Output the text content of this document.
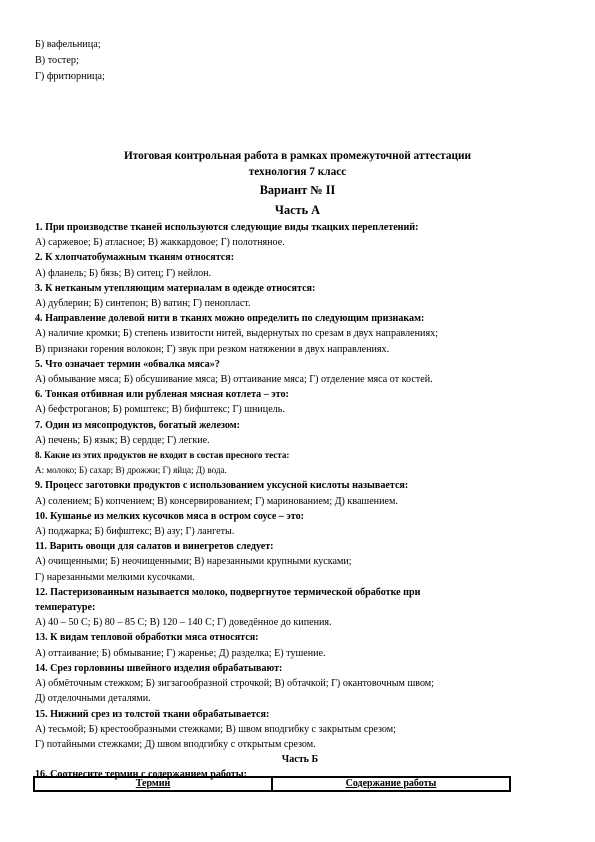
Б) вафельница;
В) тостер;
Г) фритюрница;
Итоговая контрольная работа в рамках промежуточной аттестации
технология 7 класс
Вариант № II
Часть А
1. При производстве тканей используются следующие виды ткацких переплетений:
А) саржевое; Б) атласное; В) жаккардовое; Г) полотняное.
2. К хлопчатобумажным тканям относятся:
А) фланель; Б) бязь; В) ситец; Г) нейлон.
3. К нетканым утепляющим материалам в одежде относятся:
А) дублерин; Б) синтепон; В) ватин; Г) пенопласт.
4. Направление долевой нити в тканях можно определить по следующим признакам:
А) наличие кромки; Б) степень извитости нитей, выдернутых по срезам в двух направлениях;
В) признаки горения волокон; Г) звук при резком натяжении в двух направлениях.
5. Что означает термин «обвалка мяса»?
А) обмывание мяса; Б) обсушивание мяса; В) оттаивание мяса; Г) отделение мяса от костей.
6. Тонкая отбивная или рубленая мясная котлета – это:
А) бефстроганов; Б) ромштекс; В) бифштекс; Г) шницель.
7. Один из мясопродуктов, богатый железом:
А) печень; Б) язык; В) сердце; Г) легкие.
8. Какие из этих продуктов не входят в состав пресного теста:
А: молоко; Б) сахар; В) дрожжи; Г) яйца; Д) вода.
9. Процесс заготовки продуктов с использованием уксусной кислоты называется:
А) солением; Б) копчением; В) консервированием; Г) маринованием; Д) квашением.
10. Кушанье из мелких кусочков мяса в остром соусе – это:
А) поджарка; Б) бифштекс; В) азу; Г) лангеты.
11. Варить овощи для салатов и винегретов следует:
А) очищенными; Б) неочищенными; В) нарезанными крупными кусками;
Г) нарезанными мелкими кусочками.
12. Пастеризованным называется молоко, подвергнутое термической обработке при
температуре:
А) 40 – 50 С; Б) 80 – 85 С; В) 120 – 140 С; Г) доведённое до кипения.
13. К видам тепловой обработки мяса относятся:
А) оттаивание; Б) обмывание; Г) жаренье; Д) разделка; Е) тушение.
14. Срез горловины швейного изделия обрабатывают:
А) обмёточным стежком; Б) зигзагообразной строчкой; В) обтачкой; Г) окантовочным швом;
Д) отделочными деталями.
15. Нижний срез из толстой ткани обрабатывается:
А) тесьмой; Б) крестообразными стежками; В) швом вподгибку с закрытым срезом;
Г) потайными стежками; Д) швом вподгибку с открытым срезом.
Часть Б
16. Соотнесите термин с содержанием работы:
Термин	Содержание работы
